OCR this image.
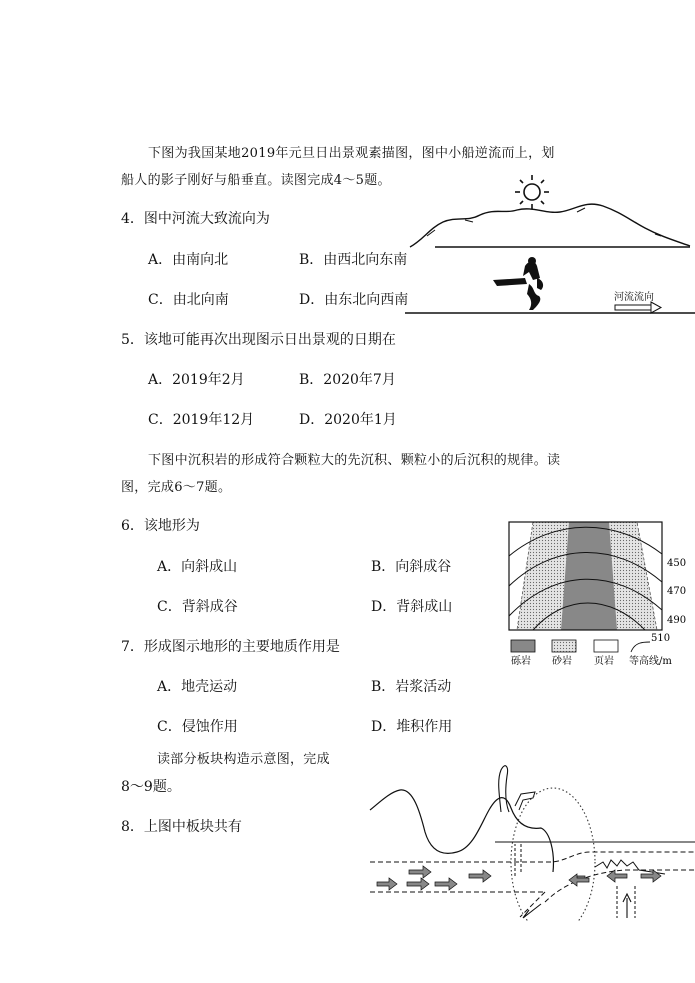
下图为我国某地2019年元旦日出景观素描图，图中小船逆流而上，划
船人的影子刚好与船垂直。读图完成4～5题。
4．图中河流大致流向为
A．由南向北	B．由西北向东南
C．由北向南	D．由东北向西南
5．该地可能再次出现图示日出景观的日期在
A．2019年2月	B．2020年7月
C．2019年12月	D．2020年1月
下图中沉积岩的形成符合颗粒大的先沉积、颗粒小的后沉积的规律。读
图，完成6～7题。
6．该地形为
A．向斜成山	B．向斜成谷
C．背斜成谷	D．背斜成山
7．形成图示地形的主要地质作用是
A．地壳运动	B．岩浆活动
C．侵蚀作用	D．堆积作用
读部分板块构造示意图，完成
8～9题。
8．上图中板块共有
河流流向
450
470
490
510
砾岩 砂岩 页岩 等高线/m
